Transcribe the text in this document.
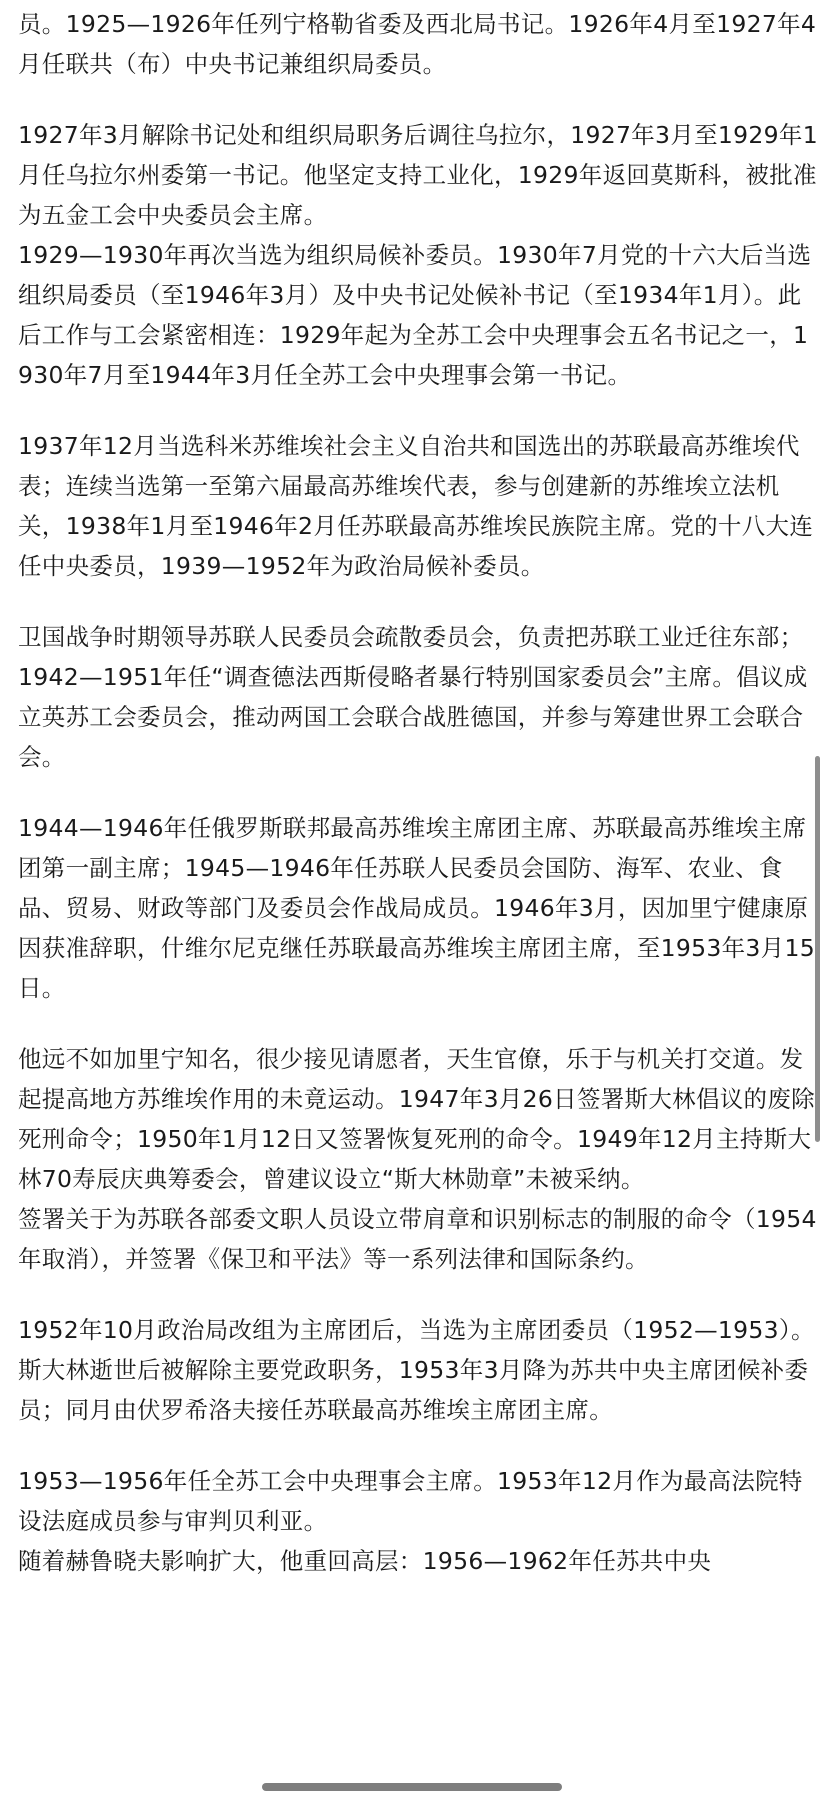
员。1925—1926年任列宁格勒省委及西北局书记。1926年4月至1927年4月任联共（布）中央书记兼组织局委员。

1927年3月解除书记处和组织局职务后调往乌拉尔，1927年3月至1929年1月任乌拉尔州委第一书记。他坚定支持工业化，1929年返回莫斯科，被批准为五金工会中央委员会主席。

1929—1930年再次当选为组织局候补委员。1930年7月党的十六大后当选组织局委员（至1946年3月）及中央书记处候补书记（至1934年1月）。此后工作与工会紧密相连：1929年起为全苏工会中央理事会五名书记之一，1930年7月至1944年3月任全苏工会中央理事会第一书记。

1937年12月当选科米苏维埃社会主义自治共和国选出的苏联最高苏维埃代表；连续当选第一至第六届最高苏维埃代表，参与创建新的苏维埃立法机关，1938年1月至1946年2月任苏联最高苏维埃民族院主席。党的十八大连任中央委员，1939—1952年为政治局候补委员。

卫国战争时期领导苏联人民委员会疏散委员会，负责把苏联工业迁往东部；1942—1951年任“调查德法西斯侵略者暴行特别国家委员会”主席。倡议成立英苏工会委员会，推动两国工会联合战胜德国，并参与筹建世界工会联合会。

1944—1946年任俄罗斯联邦最高苏维埃主席团主席、苏联最高苏维埃主席团第一副主席；1945—1946年任苏联人民委员会国防、海军、农业、食品、贸易、财政等部门及委员会作战局成员。1946年3月，因加里宁健康原因获准辞职，什维尔尼克继任苏联最高苏维埃主席团主席，至1953年3月15日。

他远不如加里宁知名，很少接见请愿者，天生官僚，乐于与机关打交道。发起提高地方苏维埃作用的未竟运动。1947年3月26日签署斯大林倡议的废除死刑命令；1950年1月12日又签署恢复死刑的命令。1949年12月主持斯大林70寿辰庆典筹委会，曾建议设立“斯大林勋章”未被采纳。

签署关于为苏联各部委文职人员设立带肩章和识别标志的制服的命令（1954年取消），并签署《保卫和平法》等一系列法律和国际条约。

1952年10月政治局改组为主席团后，当选为主席团委员（1952—1953）。斯大林逝世后被解除主要党政职务，1953年3月降为苏共中央主席团候补委员；同月由伏罗希洛夫接任苏联最高苏维埃主席团主席。

1953—1956年任全苏工会中央理事会主席。1953年12月作为最高法院特设法庭成员参与审判贝利亚。

随着赫鲁晓夫影响扩大，他重回高层：1956—1962年任苏共中央
